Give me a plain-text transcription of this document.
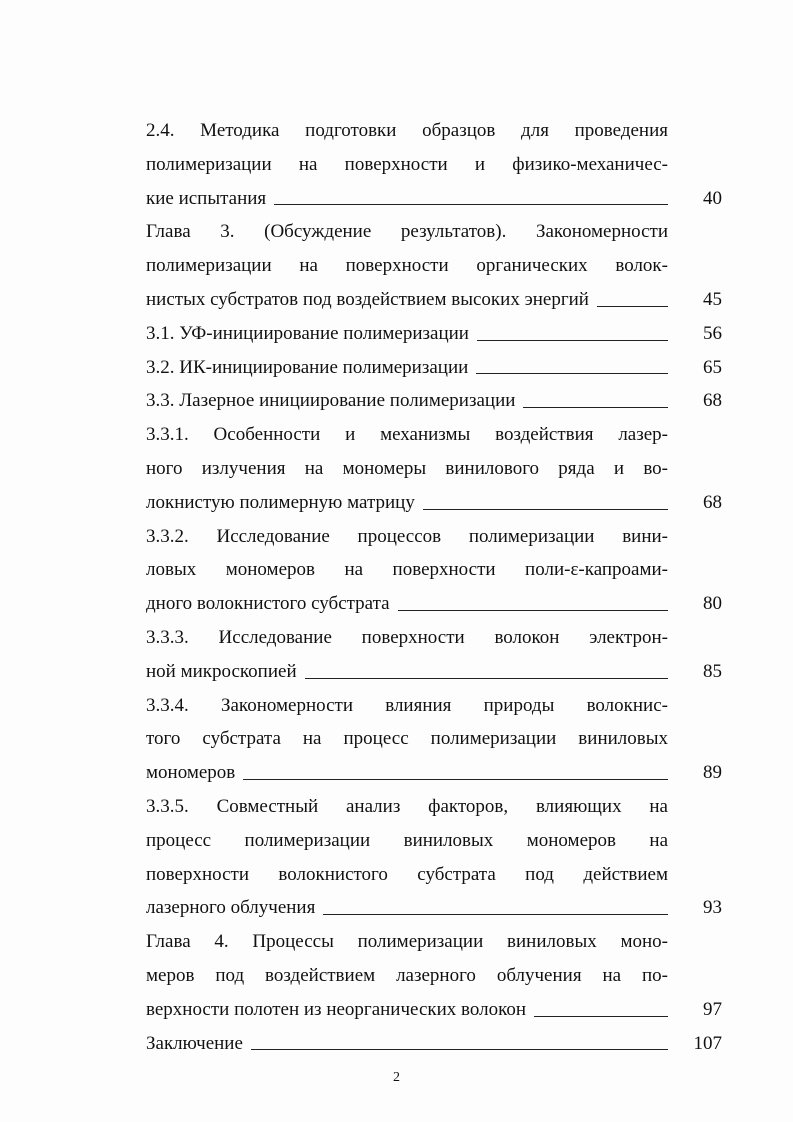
2.4. Методика подготовки образцов для проведения
полимеризации на поверхности и физико-механичес-
кие испытания	40
Глава 3. (Обсуждение результатов). Закономерности
полимеризации на поверхности органических волок-
нистых субстратов под воздействием высоких энергий	45
3.1. УФ-инициирование полимеризации	56
3.2. ИК-инициирование полимеризации	65
3.3. Лазерное инициирование полимеризации	68
3.3.1. Особенности и механизмы воздействия лазер-
ного излучения на мономеры винилового ряда и во-
локнистую полимерную матрицу	68
3.3.2. Исследование процессов полимеризации вини-
ловых мономеров на поверхности поли-ε-капроами-
дного волокнистого субстрата	80
3.3.3. Исследование поверхности волокон электрон-
ной микроскопией	85
3.3.4. Закономерности влияния природы волокнис-
того субстрата на процесс полимеризации виниловых
мономеров	89
3.3.5. Совместный анализ факторов, влияющих на
процесс полимеризации виниловых мономеров на
поверхности волокнистого субстрата под действием
лазерного облучения	93
Глава 4. Процессы полимеризации виниловых моно-
меров под воздействием лазерного облучения на по-
верхности полотен из неорганических волокон	97
Заключение	107
2
